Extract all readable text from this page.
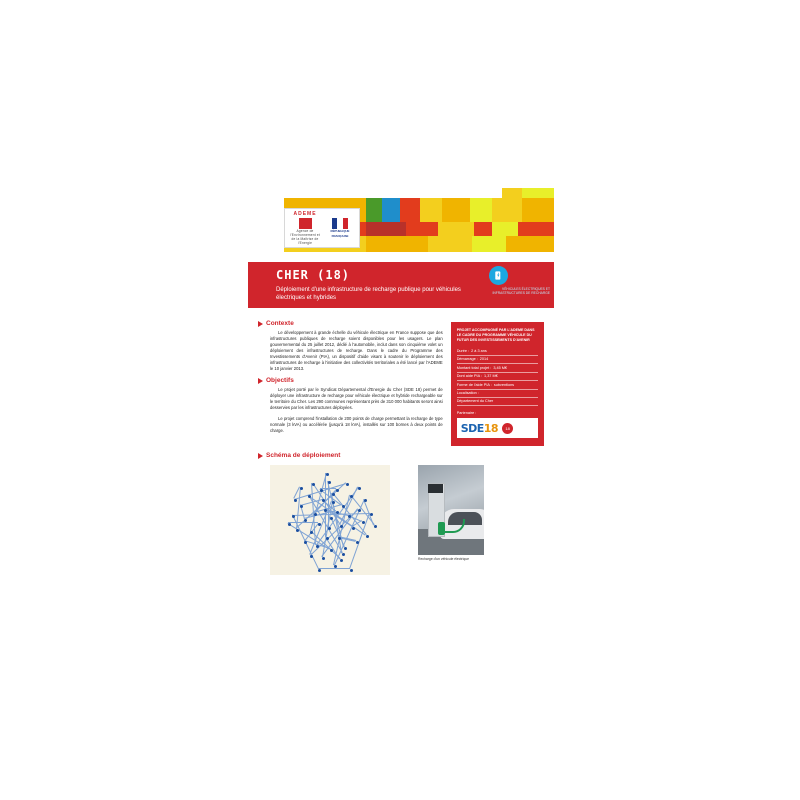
ADEME
Agence de l'Environnement et de la Maîtrise de l'Energie
RÉPUBLIQUE
FRANÇAISE
CHER (18)
Déploiement d'une infrastructure de recharge publique pour véhicules électriques et hybrides
VÉHICULES ÉLECTRIQUES ET
INFRASTRUCTURES DE RECHARGE
Contexte

Le développement à grande échelle du véhicule électrique en France suppose que des infrastructures publiques de recharge soient disponibles pour les usagers. Le plan gouvernemental du 25 juillet 2012, dédié à l'automobile, inclut dans son cinquième volet un déploiement des infrastructures de recharge. Dans le cadre du Programme des Investissements d'Avenir (PIA), un dispositif d'aide visant à soutenir le déploiement des infrastructures de recharge à l'initiative des collectivités territoriales a été lancé par l'ADEME le 10 janvier 2013.

Objectifs

Le projet porté par le Syndicat Départemental d'Energie du Cher (SDE 18) permet de déployer une infrastructure de recharge pour véhicule électrique et hybride rechargeable sur le territoire du Cher. Les 290 communes représentant près de 310 000 habitants seront ainsi desservies par les infrastructures déployées.

Le projet comprend l'installation de 200 points de charge permettant la recharge de type normale (3 kVA) ou accélérée (jusqu'à 18 kVA), installés sur 100 bornes à deux points de charge.

PROJET ACCOMPAGNÉ PAR L'ADEME DANS LE CADRE DU PROGRAMME VÉHICULE DU FUTUR DES INVESTISSEMENTS D'AVENIR
Durée : 2 à 3 ans
Démarrage : 2014
Montant total projet : 3,45 M€
Dont aide PIA : 1,37 M€
Forme de l'aide PIA : subventions
Localisation :
Département du Cher
Partenaire :
SDE18	18
Schéma de déploiement
Recharge d'un véhicule électrique
